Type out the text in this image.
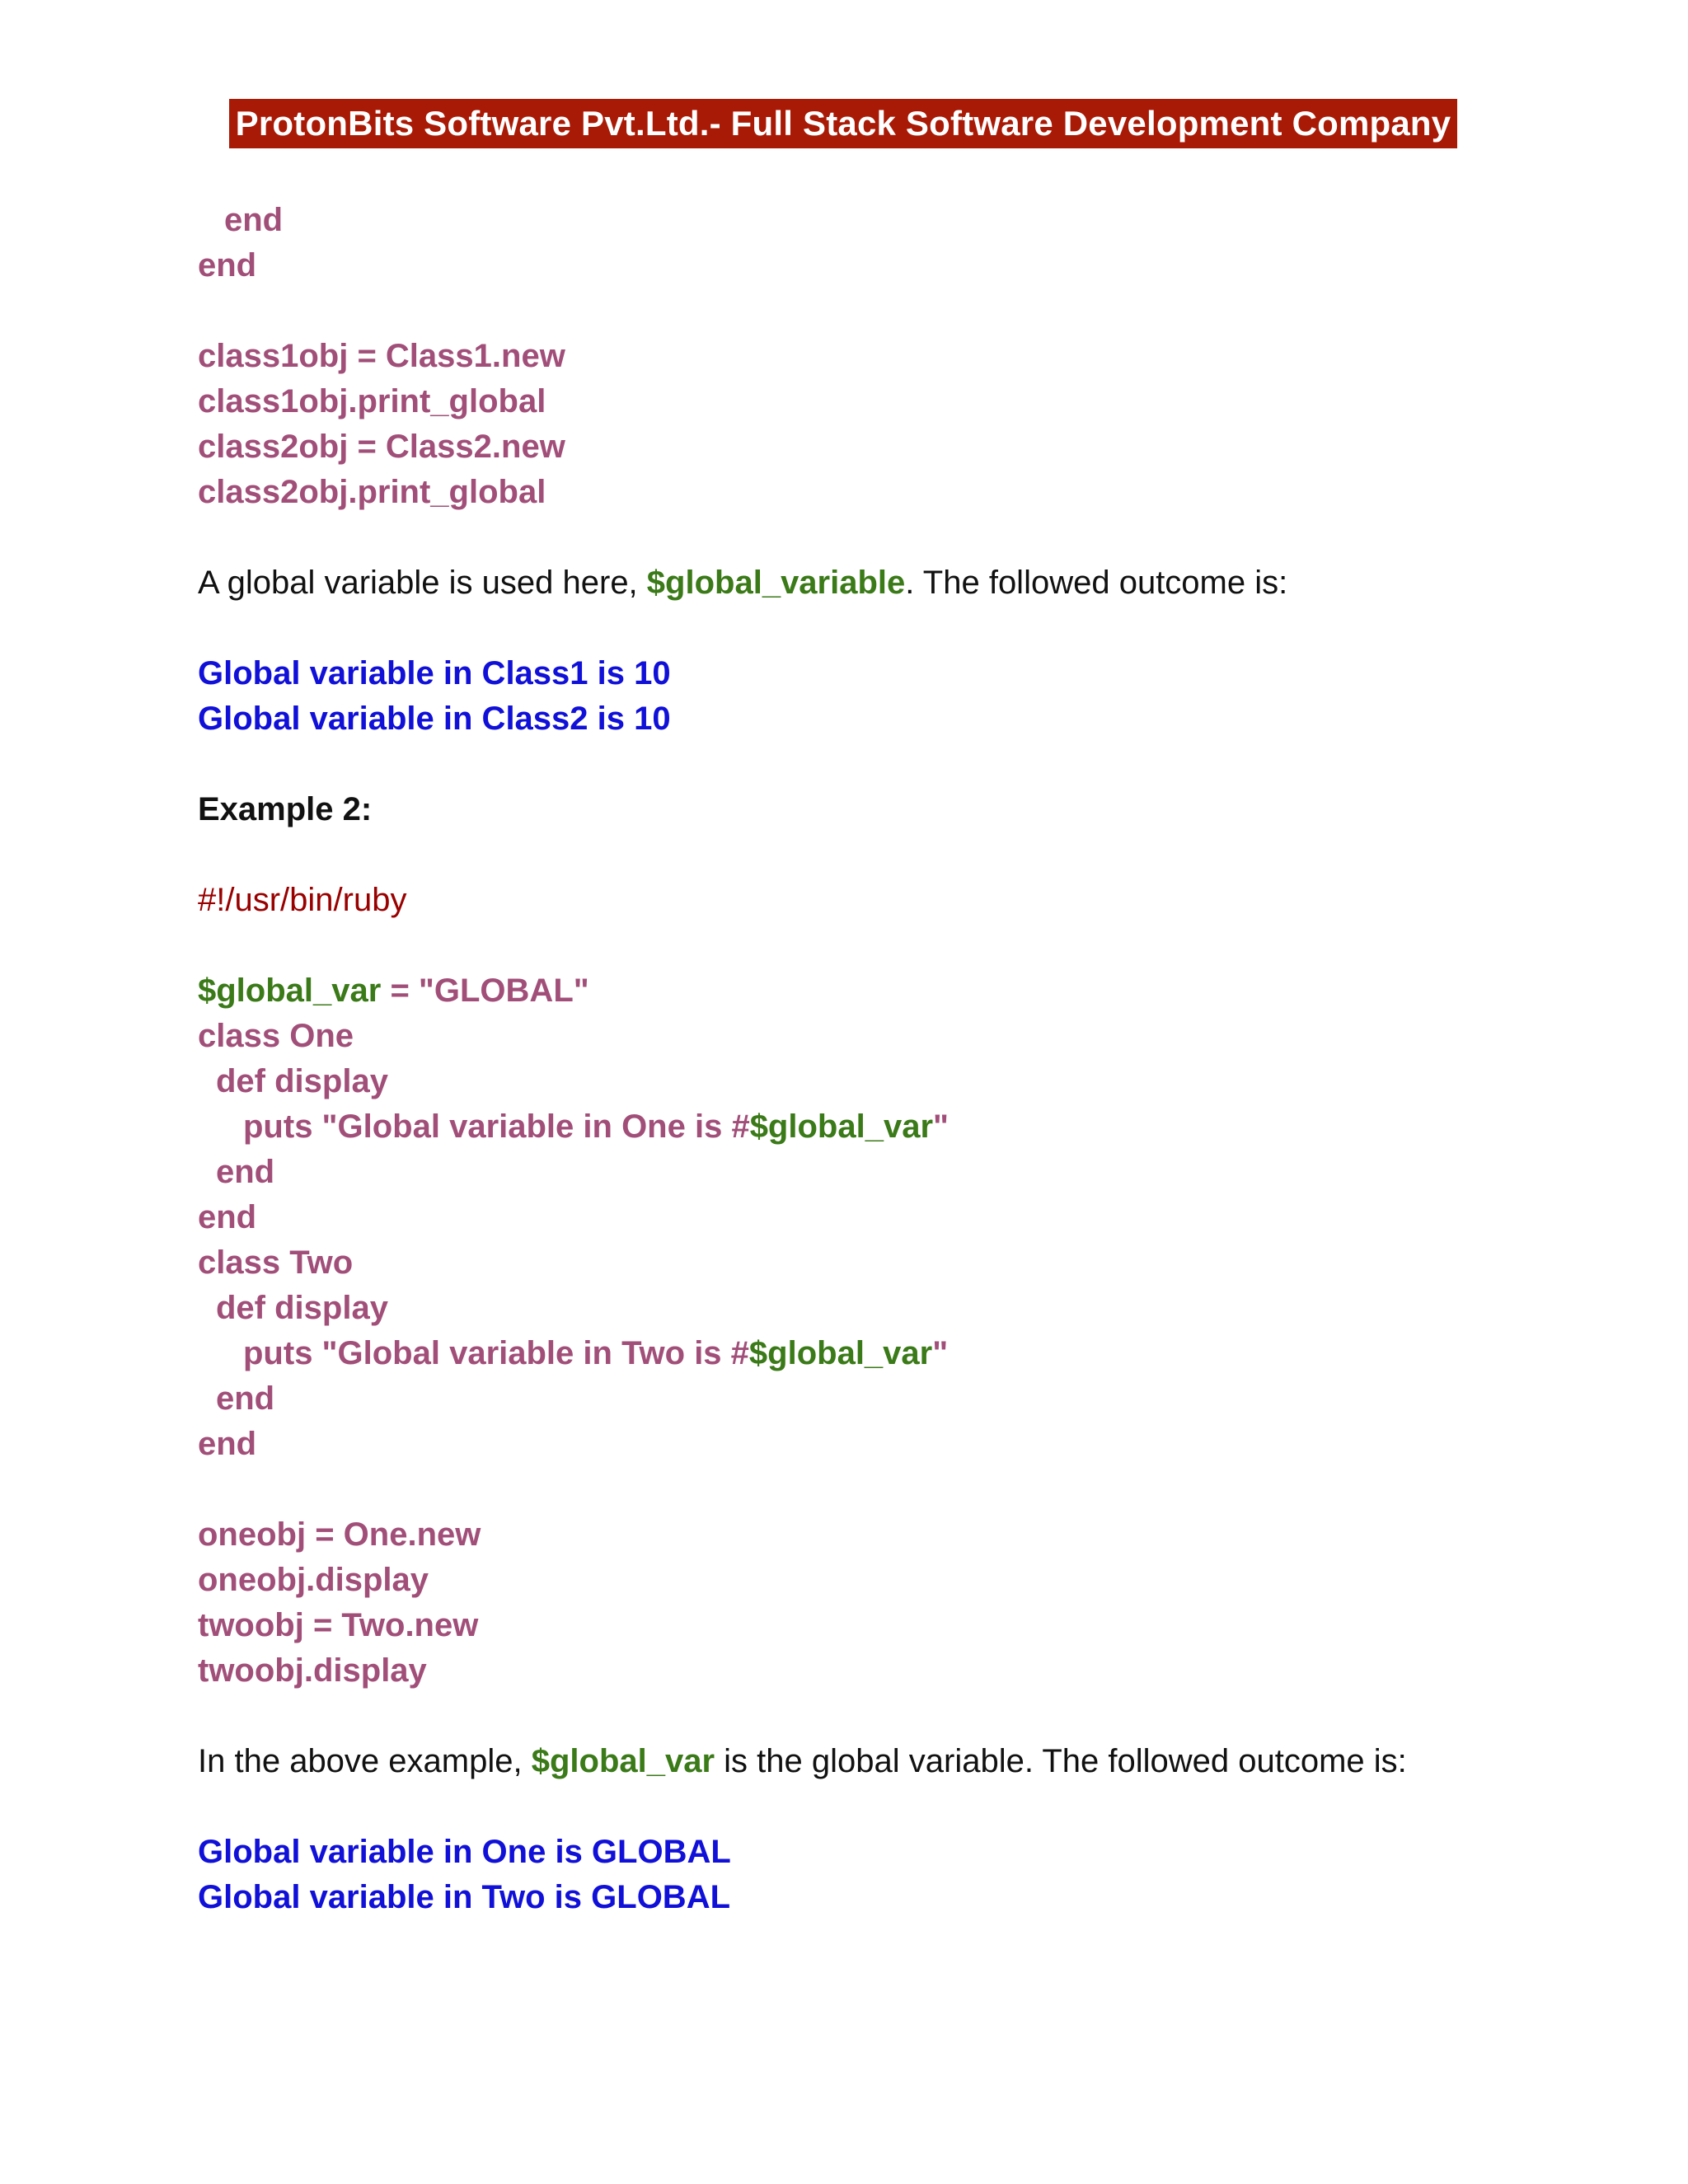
ProtonBits Software Pvt.Ltd.- Full Stack Software Development Company
end
end
class1obj = Class1.new
class1obj.print_global
class2obj = Class2.new
class2obj.print_global
A global variable is used here, $global_variable. The followed outcome is:
Global variable in Class1 is 10
Global variable in Class2 is 10
Example 2:
#!/usr/bin/ruby
$global_var = "GLOBAL"
class One
def display
puts "Global variable in One is #$global_var"
end
end
class Two
def display
puts "Global variable in Two is #$global_var"
end
end
oneobj = One.new
oneobj.display
twoobj = Two.new
twoobj.display
In the above example, $global_var is the global variable. The followed outcome is:
Global variable in One is GLOBAL
Global variable in Two is GLOBAL
